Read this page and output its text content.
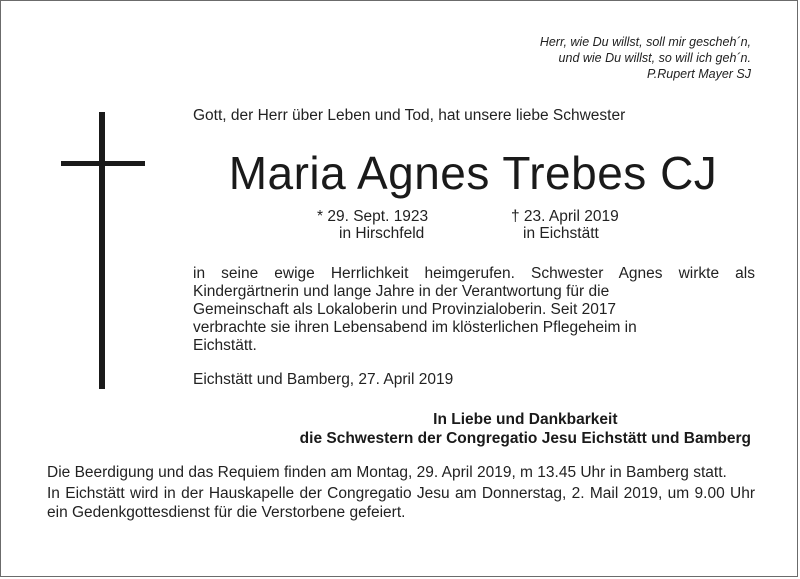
Herr, wie Du willst, soll mir gescheh´n,
und wie Du willst, so will ich geh´n.
P.Rupert Mayer SJ
Gott, der Herr über Leben und Tod, hat unsere liebe Schwester
Maria Agnes Trebes CJ
* 29. Sept. 1923
in Hirschfeld
† 23. April 2019
in Eichstätt
in seine ewige Herrlichkeit heimgerufen. Schwester Agnes wirkte als
Kindergärtnerin und lange Jahre in der Verantwortung für die
Gemeinschaft als Lokaloberin und Provinzialoberin. Seit 2017
verbrachte sie ihren Lebensabend im klösterlichen Pflegeheim in
Eichstätt.
Eichstätt und Bamberg, 27. April 2019
In Liebe und Dankbarkeit
die Schwestern der Congregatio Jesu Eichstätt und Bamberg

Die Beerdigung und das Requiem finden am Montag, 29. April 2019, m 13.45 Uhr in Bamberg statt.

In Eichstätt wird in der Hauskapelle der Congregatio Jesu am Donnerstag, 2. Mail 2019, um 9.00 Uhr ein Gedenkgottesdienst für die Verstorbene gefeiert.
